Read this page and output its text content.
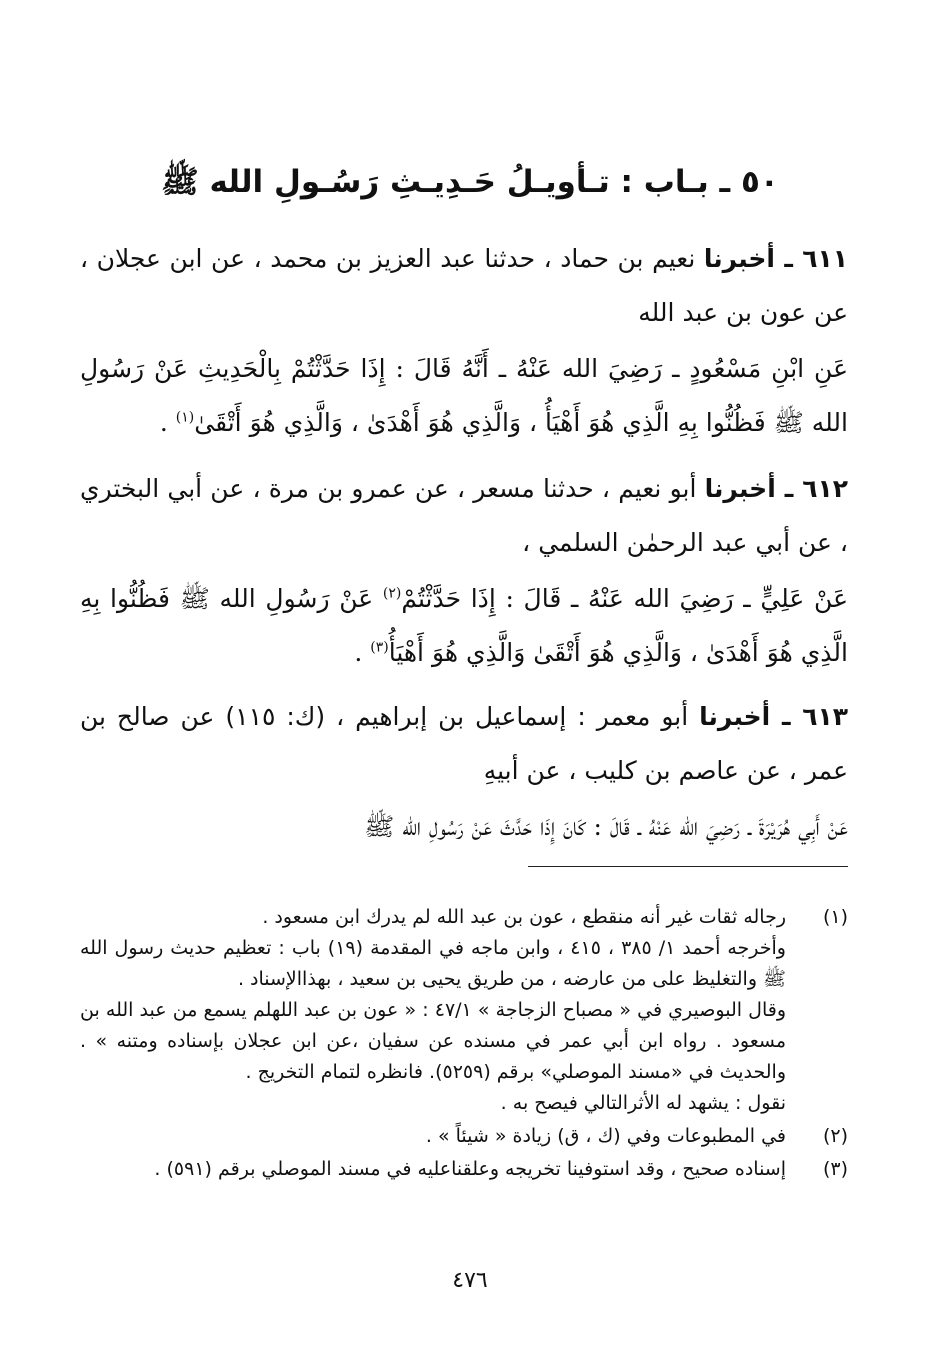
٥٠ ـ بـاب : تـأويـلُ حَـدِيـثِ رَسُـولِ الله ﷺ

٦١١ ـ أخبرنا نعيم بن حماد ، حدثنا عبد العزيز بن محمد ، عن ابن عجلان ، عن عون بن عبد الله

عَنِ ابْنِ مَسْعُودٍ ـ رَضِيَ الله عَنْهُ ـ أَنَّهُ قَالَ : إِذَا حَدَّثْتُمْ بِالْحَدِيثِ عَنْ رَسُولِ الله ﷺ فَظُنُّوا بِهِ الَّذِي هُوَ أَهْيَأُ ، وَالَّذِي هُوَ أَهْدَىٰ ، وَالَّذِي هُوَ أَتْقَىٰ$^{(١)}$ .

٦١٢ ـ أخبرنا أبو نعيم ، حدثنا مسعر ، عن عمرو بن مرة ، عن أبي البختري ، عن أبي عبد الرحمٰن السلمي ،

عَنْ عَلِيٍّ ـ رَضِيَ الله عَنْهُ ـ قَالَ : إِذَا حَدَّثْتُمْ$^{(٢)}$ عَنْ رَسُولِ الله ﷺ فَظُنُّوا بِهِ الَّذِي هُوَ أَهْدَىٰ ، وَالَّذِي هُوَ أَتْقَىٰ وَالَّذِي هُوَ أَهْيَأُ$^{(٣)}$ .

٦١٣ ـ أخبرنا أبو معمر : إسماعيل بن إبراهيم ، (ك: ١١٥) عن صالح بن عمر ، عن عاصم بن كليب ، عن أبيهِ

عَنْ أَبِي هُرَيْرَةَ ـ رَضِيَ الله عَنْهُ ـ قَالَ : كَانَ إِذَا حَدَّثَ عَنْ رَسُولِ الله ﷺ

(١)
رجاله ثقات غير أنه منقطع ، عون بن عبد الله لم يدرك ابن مسعود .
وأخرجه أحمد ١/ ٣٨٥ ، ٤١٥ ، وابن ماجه في المقدمة (١٩) باب : تعظيم حديث رسول الله ﷺ والتغليظ على من عارضه ، من طريق يحيى بن سعيد ، بهذاالإسناد .
وقال البوصيري في « مصباح الزجاجة » ٤٧/١ : « عون بن عبد اللهلم يسمع من عبد الله بن مسعود . رواه ابن أبي عمر في مسنده عن سفيان ،عن ابن عجلان بإسناده ومتنه » . والحديث في «مسند الموصلي» برقم (٥٢٥٩). فانظره لتمام التخريج .
نقول : يشهد له الأثرالتالي فيصح به .
(٢)
في المطبوعات وفي (ك ، ق) زيادة « شيئاً » .
(٣)
إسناده صحيح ، وقد استوفينا تخريجه وعلقناعليه في مسند الموصلي برقم (٥٩١) .
٤٧٦
